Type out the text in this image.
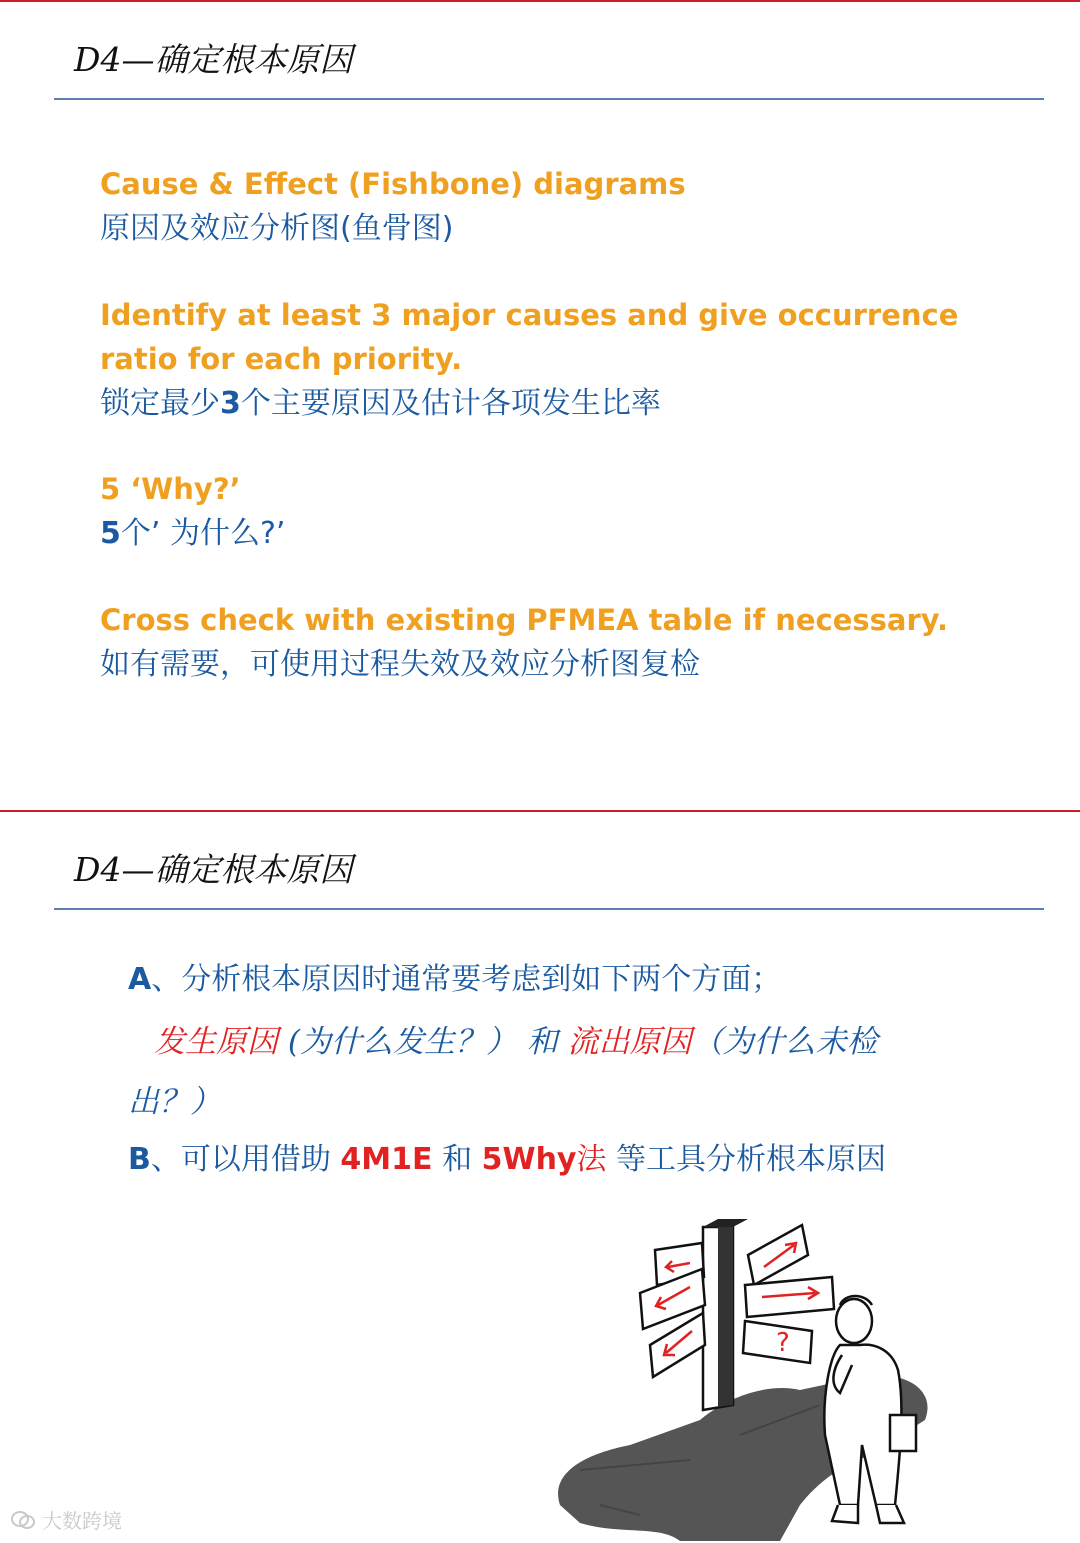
D4—确定根本原因
Cause & Effect (Fishbone) diagrams
原因及效应分析图(鱼骨图)
Identify at least 3 major causes and give occurrence
ratio for each priority.
锁定最少3个主要原因及估计各项发生比率
5 ‘Why?’
5个’ 为什么?’
Cross check with existing PFMEA table if necessary.
如有需要，可使用过程失效及效应分析图复检
D4—确定根本原因
A、分析根本原因时通常要考虑到如下两个方面；
发生原因 (为什么发生？） 和 流出原因（为什么未检
出？）
B、可以用借助 4M1E 和 5Why法 等工具分析根本原因
?
大数跨境
